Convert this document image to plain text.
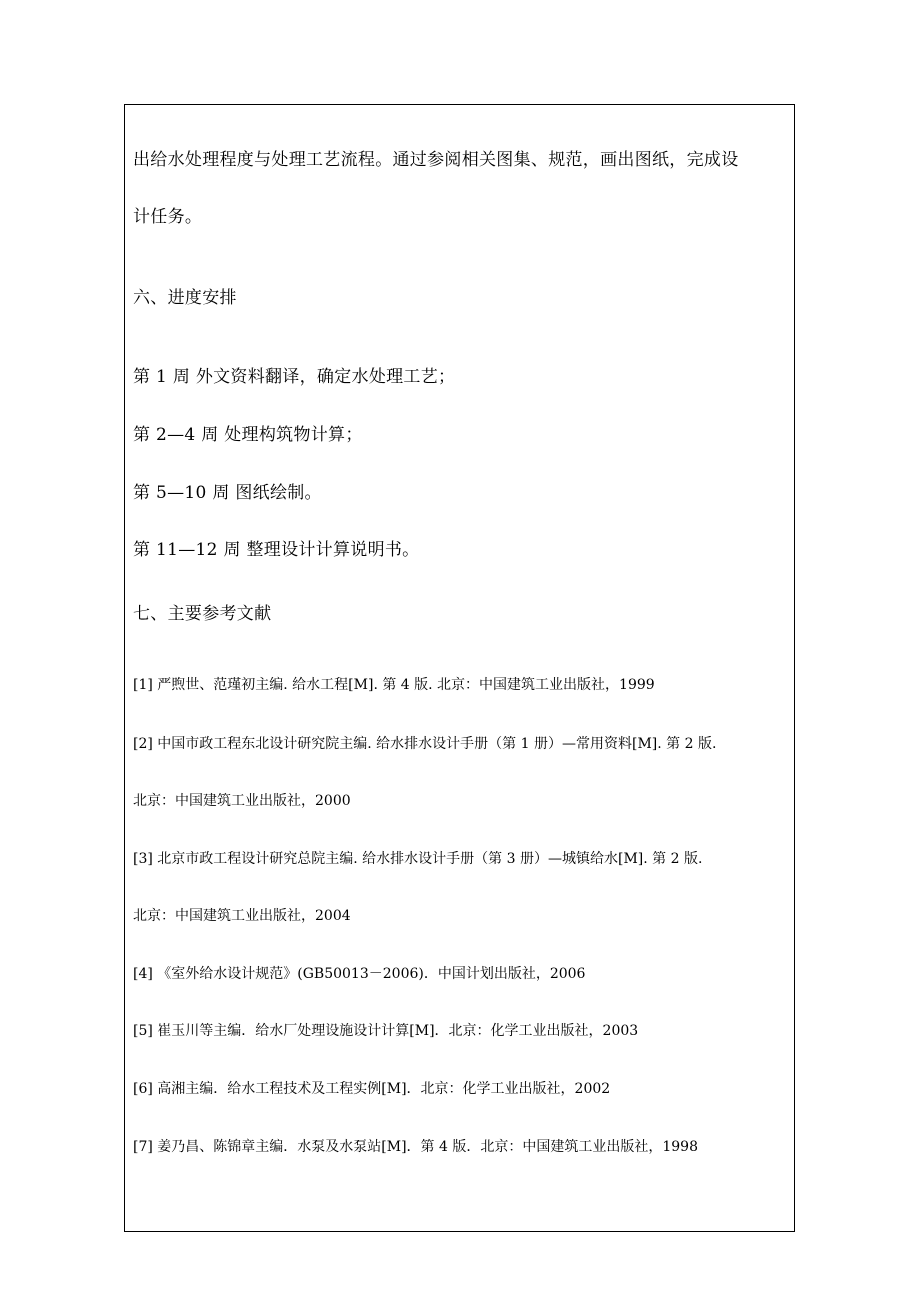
出给水处理程度与处理工艺流程。通过参阅相关图集、规范，画出图纸，完成设
计任务。
六、进度安排
第 1 周 外文资料翻译，确定水处理工艺；
第 2—4 周 处理构筑物计算；
第 5—10 周 图纸绘制。
第 11—12 周 整理设计计算说明书。
七、主要参考文献
[1] 严煦世、范瑾初主编. 给水工程[M]. 第 4 版. 北京：中国建筑工业出版社，1999
[2] 中国市政工程东北设计研究院主编. 给水排水设计手册（第 1 册）—常用资料[M]. 第 2 版.
北京：中国建筑工业出版社，2000
[3] 北京市政工程设计研究总院主编. 给水排水设计手册（第 3 册）—城镇给水[M]. 第 2 版.
北京：中国建筑工业出版社，2004
[4] 《室外给水设计规范》(GB50013－2006)．中国计划出版社，2006
[5] 崔玉川等主编．给水厂处理设施设计计算[M]．北京：化学工业出版社，2003
[6] 高湘主编．给水工程技术及工程实例[M]．北京：化学工业出版社，2002
[7] 姜乃昌、陈锦章主编．水泵及水泵站[M]．第 4 版．北京：中国建筑工业出版社，1998
